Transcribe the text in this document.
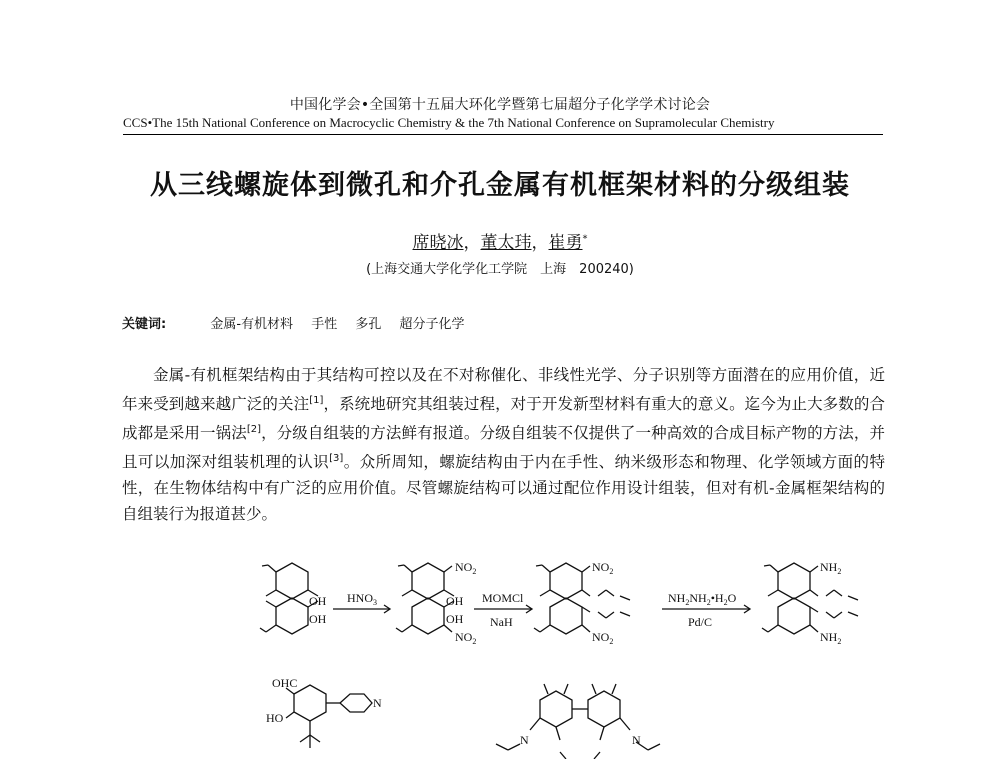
中国化学会•全国第十五届大环化学暨第七届超分子化学学术讨论会
CCS•The 15th National Conference on Macrocyclic Chemistry & the 7th National Conference on Supramolecular Chemistry
从三线螺旋体到微孔和介孔金属有机框架材料的分级组装
席晓冰，董太玮，崔勇*
(上海交通大学化学化工学院　上海　200240)
关键词:	金属-有机材料 手性 多孔 超分子化学
金属-有机框架结构由于其结构可控以及在不对称催化、非线性光学、分子识别等方面潜在的应用价值，近年来受到越来越广泛的关注[1]，系统地研究其组装过程，对于开发新型材料有重大的意义。迄今为止大多数的合成都是采用一锅法[2]，分级自组装的方法鲜有报道。分级自组装不仅提供了一种高效的合成目标产物的方法，并且可以加深对组装机理的认识[3]。众所周知，螺旋结构由于内在手性、纳米级形态和物理、化学领域方面的特性，在生物体结构中有广泛的应用价值。尽管螺旋结构可以通过配位作用设计组装，但对有机-金属框架结构的自组装行为报道甚少。
OH
OH
$HNO_3$
$NO_2$
OH
OH
$NO_2$
MOMCl
NaH
$NO_2$
$NO_2$
$NH_2NH_2•H_2O$
Pd/C
$NH_2$
$NH_2$
OHC
HO
N
N	N
